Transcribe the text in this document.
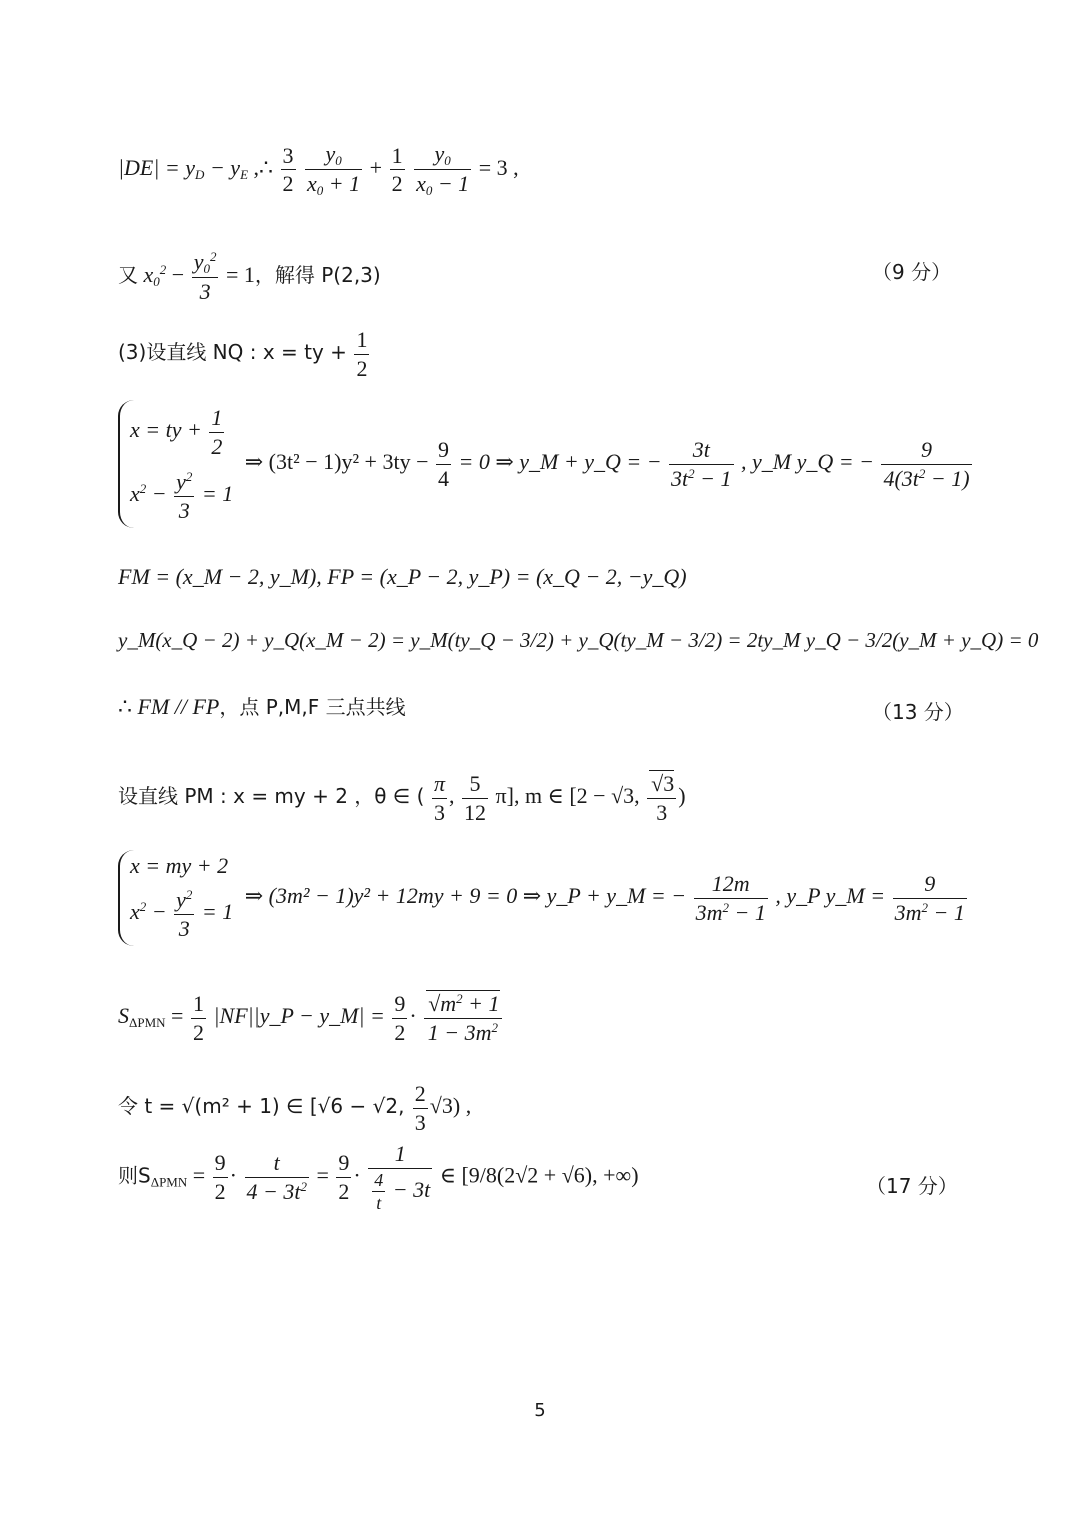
$|DE| = y_D - y_E$ ,∴ $\frac{3}{2}$
$\frac{y_0}{x_0 + 1} + \frac{1}{2}$
$\frac{y_0}{x_0 - 1} = 3$ ,
又 $x_0^2 - \frac{y_0^2}{3} = 1$，解得 P(2,3)	（9 分）
(3)设直线 NQ : x = ty + $\frac{1}{2}$
x = ty + $\frac{1}{2}$
$x^2 - \frac{y^2}{3} = 1$
⇒ $(3t^2 - 1)y^2 + 3ty - \frac{9}{4} = 0$ ⇒ y_M + y_Q = − $\frac{3t}{3t^2 - 1}$ , y_M y_Q = − $\frac{9}{4(3t^2 - 1)}$
FM = (x_M − 2, y_M), FP = (x_P − 2, y_P) = (x_Q − 2, −y_Q)
y_M(x_Q − 2) + y_Q(x_M − 2) = y_M(ty_Q − 3/2) + y_Q(ty_M − 3/2) = 2ty_M y_Q − 3/2(y_M + y_Q) = 0
∴ FM // FP，点 P,M,F 三点共线	（13 分）
设直线 PM : x = my + 2 ，θ ∈ ( $\frac{\pi}{3}$ , $\frac{5}{12} \pi$], m ∈ [2 − √3, $\frac{√3}{3}$ )
x = my + 2
$x^2 - \frac{y^2}{3} = 1$
⇒ (3m² − 1)y² + 12my + 9 = 0 ⇒ y_P + y_M = − $\frac{12m}{3m^2 - 1}$ , y_P y_M = $\frac{9}{3m^2 - 1}$
$S_{\Delta PMN} = \frac{1}{2}$ |NF||y_P − y_M| = $\frac{9}{2} \cdot \frac{√m^2 + 1}{1 - 3m^2}$
令 t = √(m² + 1) ∈ [√6 − √2, $\frac{2}{3} √3$) ,
则$S_{\Delta PMN} = \frac{9}{2} \cdot \frac{t}{4 - 3t^2} = \frac{9}{2} \cdot \frac{1}{\frac{4}{t} - 3t}$ ∈ [9/8(2√2 + √6), +∞)	（17 分）
5
